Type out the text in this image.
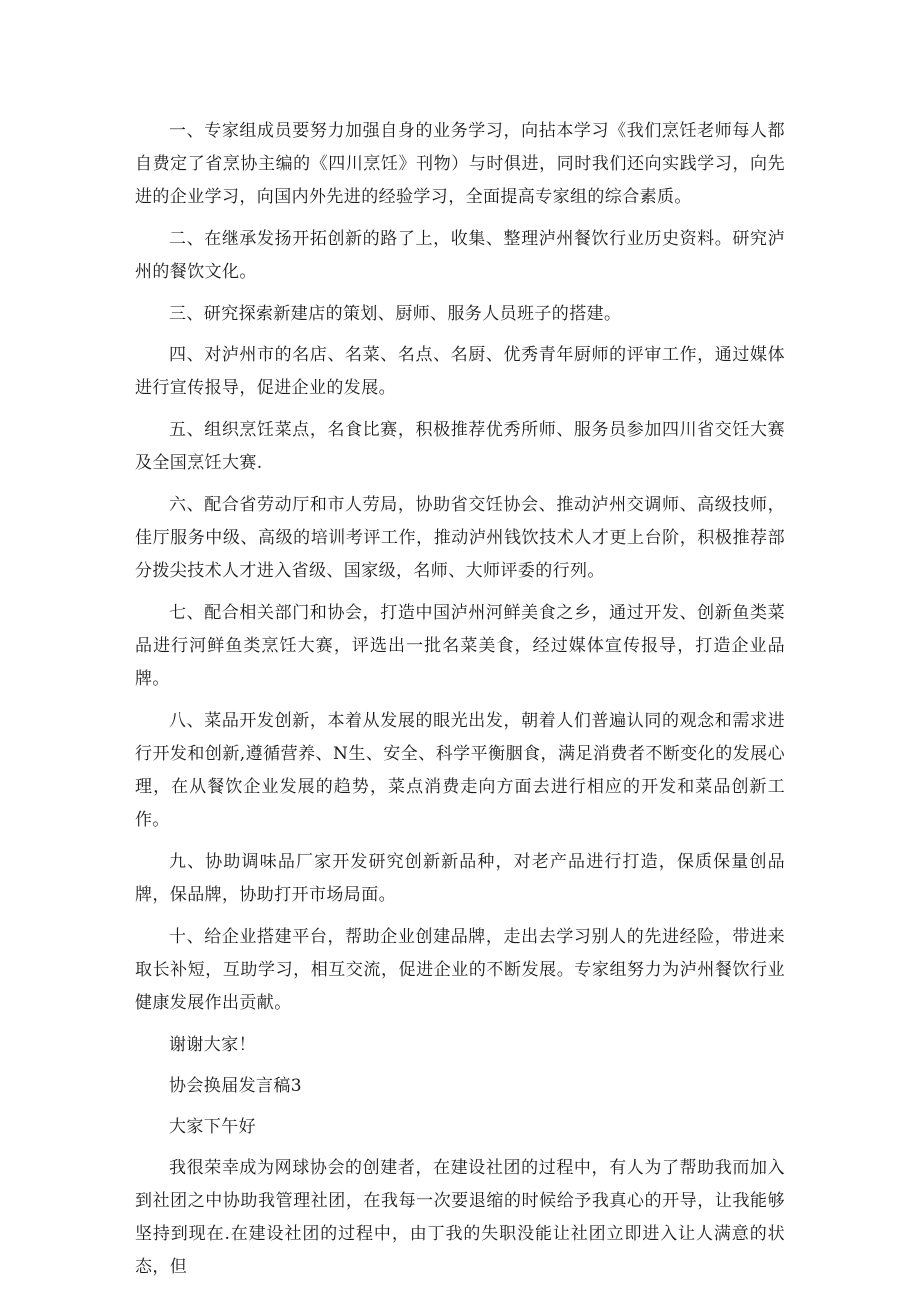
一、专家组成员要努力加强自身的业务学习，向拈本学习《我们烹饪老师每人都自费定了省烹协主编的《四川烹饪》刊物）与时俱进，同时我们还向实践学习，向先进的企业学习，向国内外先进的经验学习，全面提高专家组的综合素质。

二、在继承发扬开拓创新的路了上，收集、整理泸州餐饮行业历史资料。研究泸州的餐饮文化。

三、研究探索新建店的策划、厨师、服务人员班子的搭建。

四、对泸州市的名店、名菜、名点、名厨、优秀青年厨师的评审工作，通过媒体进行宣传报导，促进企业的发展。

五、组织烹饪菜点，名食比赛，积极推荐优秀所师、服务员参加四川省交饪大赛及全国烹饪大赛.

六、配合省劳动厅和市人劳局，协助省交饪协会、推动泸州交调师、高级技师，佳厅服务中级、高级的培训考评工作，推动泸州钱饮技术人才更上台阶，积极推荐部分拨尖技术人才进入省级、国家级，名师、大师评委的行列。

七、配合相关部门和协会，打造中国泸州河鲜美食之乡，通过开发、创新鱼类菜品进行河鲜鱼类烹饪大赛，评选出一批名菜美食，经过媒体宣传报导，打造企业品牌。

八、菜品开发创新，本着从发展的眼光出发，朝着人们普遍认同的观念和需求进行开发和创新,遵循营养、N生、安全、科学平衡胭食，满足消费者不断变化的发展心理，在从餐饮企业发展的趋势，菜点消费走向方面去进行相应的开发和菜品创新工作。

九、协助调味品厂家开发研究创新新品种，对老产品进行打造，保质保量创品牌，保品牌，协助打开市场局面。

十、给企业搭建平台，帮助企业创建品牌，走出去学习别人的先进经险，带进来取长补短，互助学习，相互交流，促进企业的不断发展。专家组努力为泸州餐饮行业健康发展作出贡献。

谢谢大家！

协会换届发言稿3

大家下午好

我很荣幸成为网球协会的创建者，在建设社团的过程中，有人为了帮助我而加入到社团之中协助我管理社团，在我每一次要退缩的时候给予我真心的开导，让我能够坚持到现在.在建设社团的过程中，由丁我的失职没能让社团立即进入让人满意的状态，但
